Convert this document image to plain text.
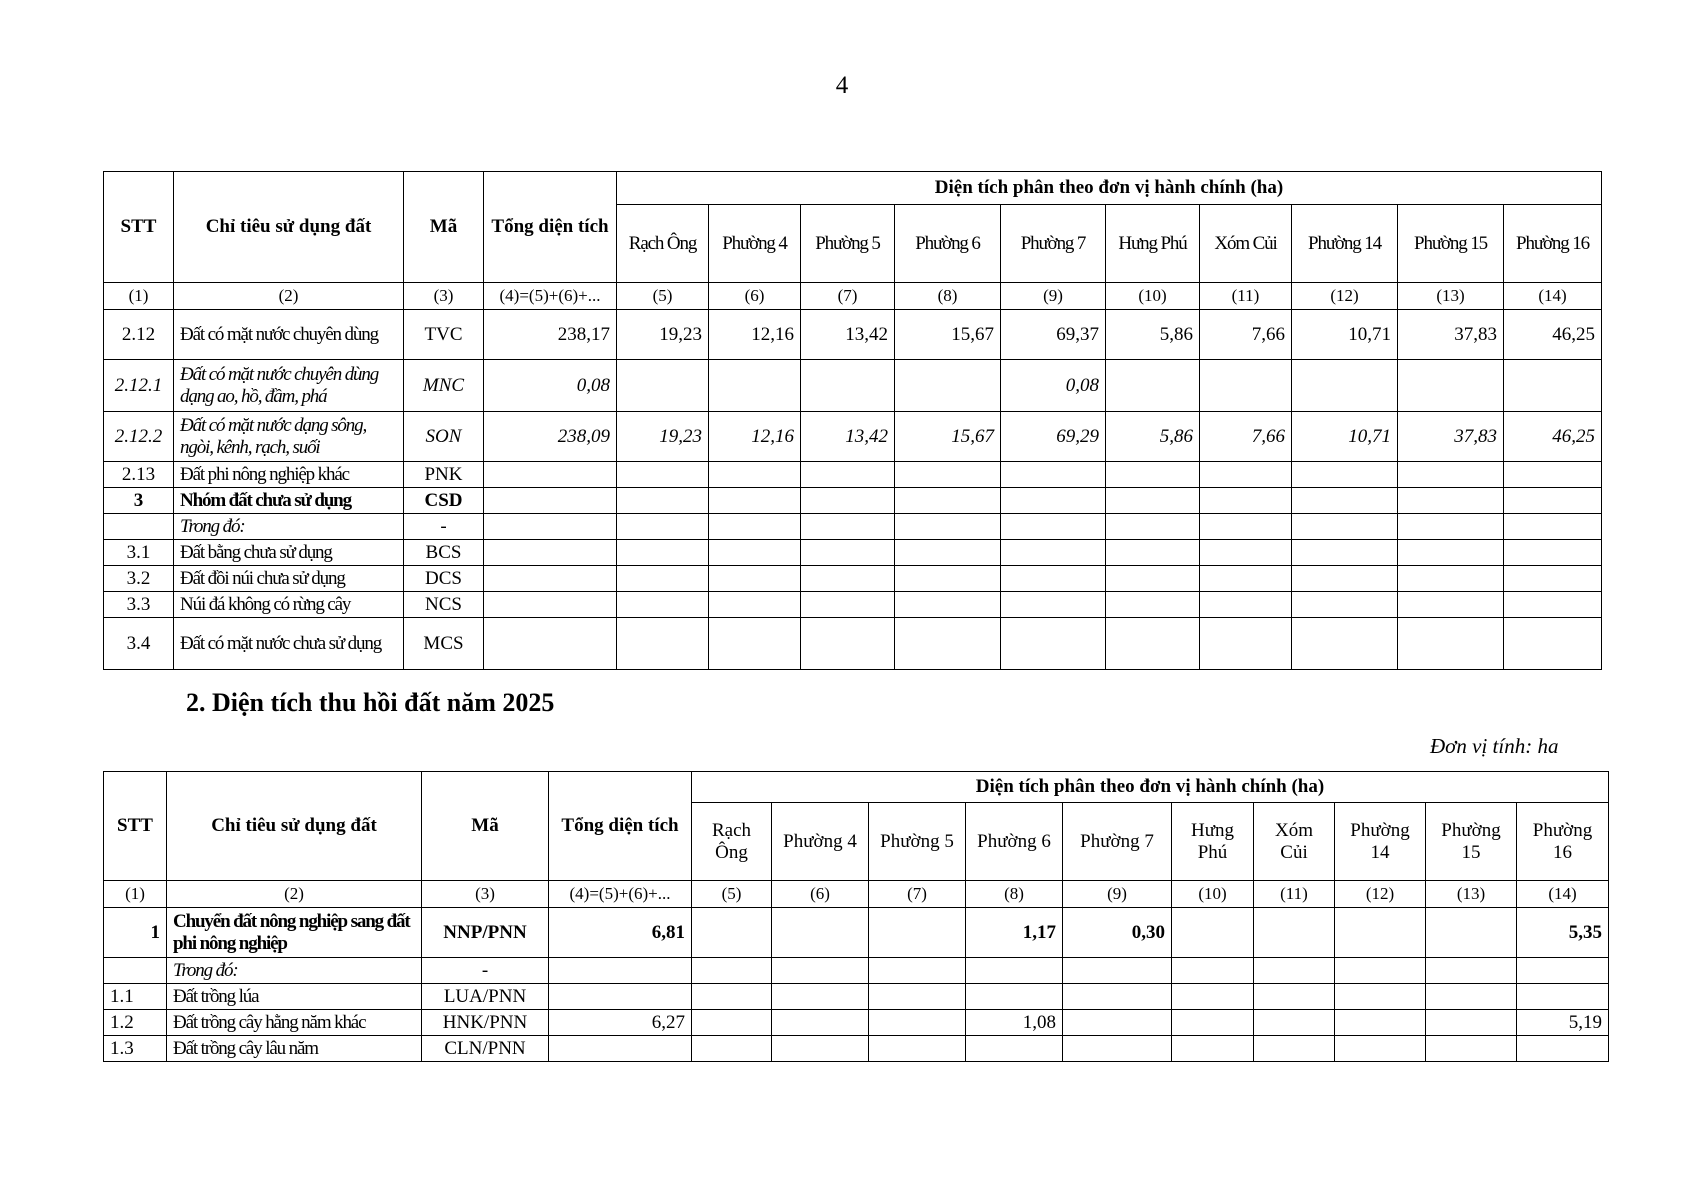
4
STT	Chỉ tiêu sử dụng đất	Mã	Tổng diện tích	Diện tích phân theo đơn vị hành chính (ha)									
				Rạch Ông	Phường 4	Phường 5	Phường 6	Phường 7	Hưng Phú	Xóm Củi	Phường 14	Phường 15	Phường 16
(1)	(2)	(3)	(4)=(5)+(6)+...	(5)	(6)	(7)	(8)	(9)	(10)	(11)	(12)	(13)	(14)
2.12	Đất có mặt nước chuyên dùng	TVC	238,17	19,23	12,16	13,42	15,67	69,37	5,86	7,66	10,71	37,83	46,25
2.12.1	Đất có mặt nước chuyên dùng dạng ao, hồ, đầm, phá	MNC	0,08					0,08					
2.12.2	Đất có mặt nước dạng sông, ngòi, kênh, rạch, suối	SON	238,09	19,23	12,16	13,42	15,67	69,29	5,86	7,66	10,71	37,83	46,25
2.13	Đất phi nông nghiệp khác	PNK											
3	Nhóm đất chưa sử dụng	CSD											
	Trong đó:	-											
3.1	Đất bằng chưa sử dụng	BCS											
3.2	Đất đồi núi chưa sử dụng	DCS											
3.3	Núi đá không có rừng cây	NCS											
3.4	Đất có mặt nước chưa sử dụng	MCS											
2. Diện tích thu hồi đất năm 2025
Đơn vị tính: ha
STT	Chỉ tiêu sử dụng đất	Mã	Tổng diện tích	Diện tích phân theo đơn vị hành chính (ha)									
				Rạch Ông	Phường 4	Phường 5	Phường 6	Phường 7	Hưng Phú	Xóm Củi	Phường 14	Phường 15	Phường 16
(1)	(2)	(3)	(4)=(5)+(6)+...	(5)	(6)	(7)	(8)	(9)	(10)	(11)	(12)	(13)	(14)
1	Chuyển đất nông nghiệp sang đất phi nông nghiệp	NNP/PNN	6,81				1,17	0,30					5,35
	Trong đó:	-											
1.1	Đất trồng lúa	LUA/PNN											
1.2	Đất trồng cây hằng năm khác	HNK/PNN	6,27				1,08						5,19
1.3	Đất trồng cây lâu năm	CLN/PNN											
